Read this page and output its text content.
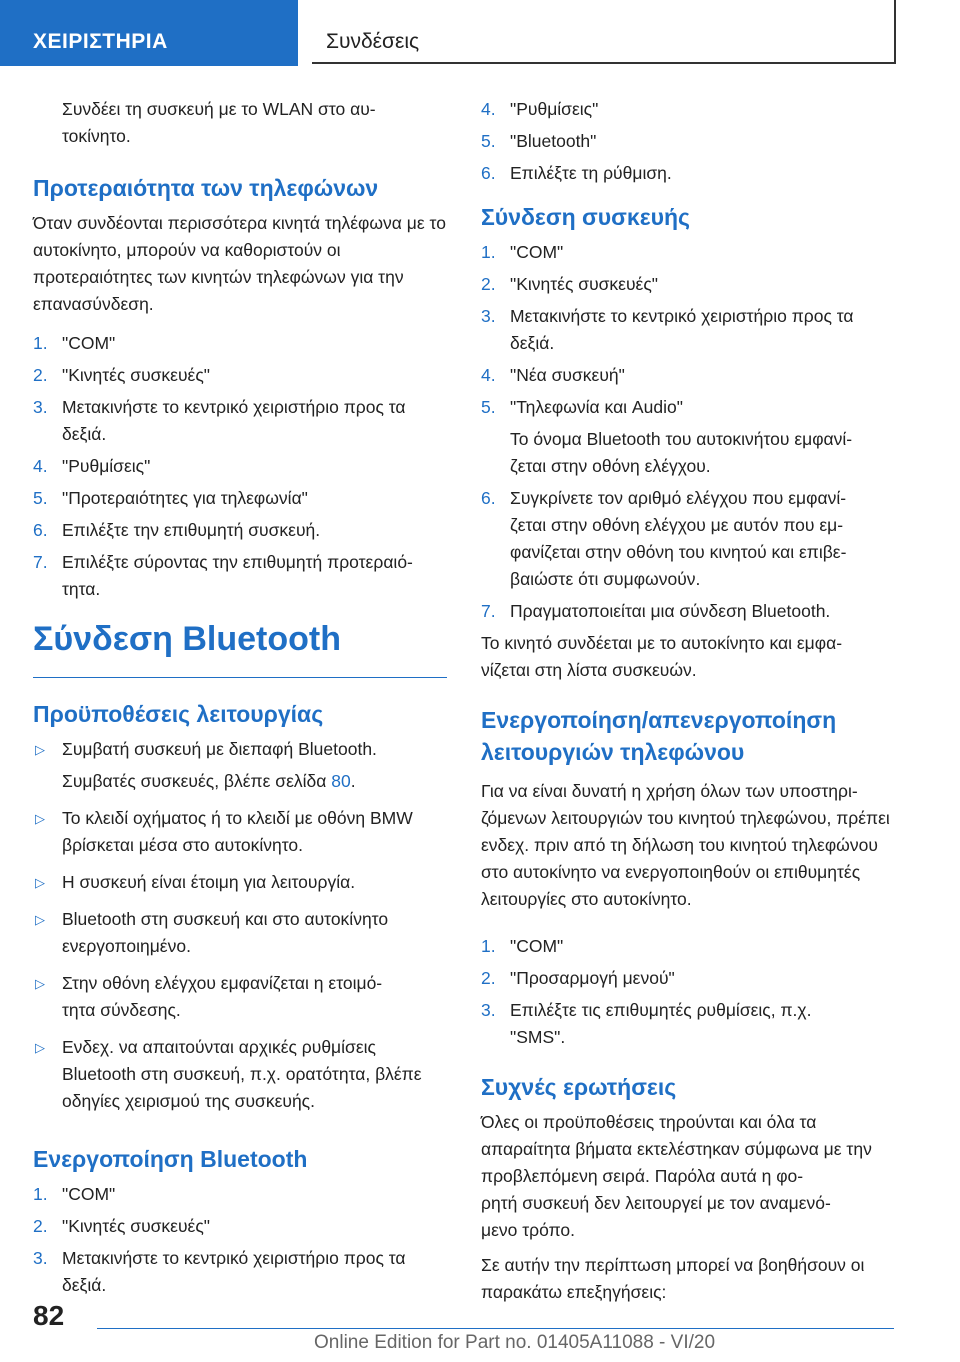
ΧΕΙΡΙΣΤΗΡΙΑ	Συνδέσεις

Συνδέει τη συσκευή με το WLAN στο αυ-
τοκίνητο.

Προτεραιότητα των τηλεφώνων

Όταν συνδέονται περισσότερα κινητά τηλέφωνα με το αυτοκίνητο, μπορούν να καθοριστούν οι προτεραιότητες των κινητών τηλεφώνων για την επανασύνδεση.

1. "COM"
2. "Κινητές συσκευές"
3. Μετακινήστε το κεντρικό χειριστήριο προς τα δεξιά.
4. "Ρυθμίσεις"
5. "Προτεραιότητες για τηλεφωνία"
6. Επιλέξτε την επιθυμητή συσκευή.
7. Επιλέξτε σύροντας την επιθυμητή προτεραιό-
τητα.
Σύνδεση Bluetooth
Προϋποθέσεις λειτουργίας
▷ Συμβατή συσκευή με διεπαφή Bluetooth.
Συμβατές συσκευές, βλέπε σελίδα 80.
▷ Το κλειδί οχήματος ή το κλειδί με οθόνη BMW βρίσκεται μέσα στο αυτοκίνητο.
▷ Η συσκευή είναι έτοιμη για λειτουργία.
▷ Bluetooth στη συσκευή και στο αυτοκίνητο ενεργοποιημένο.
▷ Στην οθόνη ελέγχου εμφανίζεται η ετοιμό-
τητα σύνδεσης.
▷ Ενδεχ. να απαιτούνται αρχικές ρυθμίσεις Bluetooth στη συσκευή, π.χ. ορατότητα, βλέπε οδηγίες χειρισμού της συσκευής.
Ενεργοποίηση Bluetooth
1. "COM"
2. "Κινητές συσκευές"
3. Μετακινήστε το κεντρικό χειριστήριο προς τα δεξιά.
4. "Ρυθμίσεις"
5. "Bluetooth"
6. Επιλέξτε τη ρύθμιση.
Σύνδεση συσκευής
1. "COM"
2. "Κινητές συσκευές"
3. Μετακινήστε το κεντρικό χειριστήριο προς τα δεξιά.
4. "Νέα συσκευή"
5. "Τηλεφωνία και Audio"

Το όνομα Bluetooth του αυτοκινήτου εμφανί-
ζεται στην οθόνη ελέγχου.

6. Συγκρίνετε τον αριθμό ελέγχου που εμφανί-
ζεται στην οθόνη ελέγχου με αυτόν που εμ-
φανίζεται στην οθόνη του κινητού και επιβε-
βαιώστε ότι συμφωνούν.
7. Πραγματοποιείται μια σύνδεση Bluetooth.

Το κινητό συνδέεται με το αυτοκίνητο και εμφα-
νίζεται στη λίστα συσκευών.

Ενεργοποίηση/απενεργοποίηση λειτουργιών τηλεφώνου

Για να είναι δυνατή η χρήση όλων των υποστηρι- ζόμενων λειτουργιών του κινητού τηλεφώνου, πρέπει ενδεχ. πριν από τη δήλωση του κινητού τηλεφώνου στο αυτοκίνητο να ενεργοποιηθούν οι επιθυμητές λειτουργίες στο αυτοκίνητο.

1. "COM"
2. "Προσαρμογή μενού"
3. Επιλέξτε τις επιθυμητές ρυθμίσεις, π.χ.
"SMS".
Συχνές ερωτήσεις

Όλες οι προϋποθέσεις τηρούνται και όλα τα απαραίτητα βήματα εκτελέστηκαν σύμφωνα με την προβλεπόμενη σειρά. Παρόλα αυτά η φο-
ρητή συσκευή δεν λειτουργεί με τον αναμενό-
μενο τρόπο.

Σε αυτήν την περίπτωση μπορεί να βοηθήσουν οι παρακάτω επεξηγήσεις:

82
Online Edition for Part no. 01405A11088 - VI/20
